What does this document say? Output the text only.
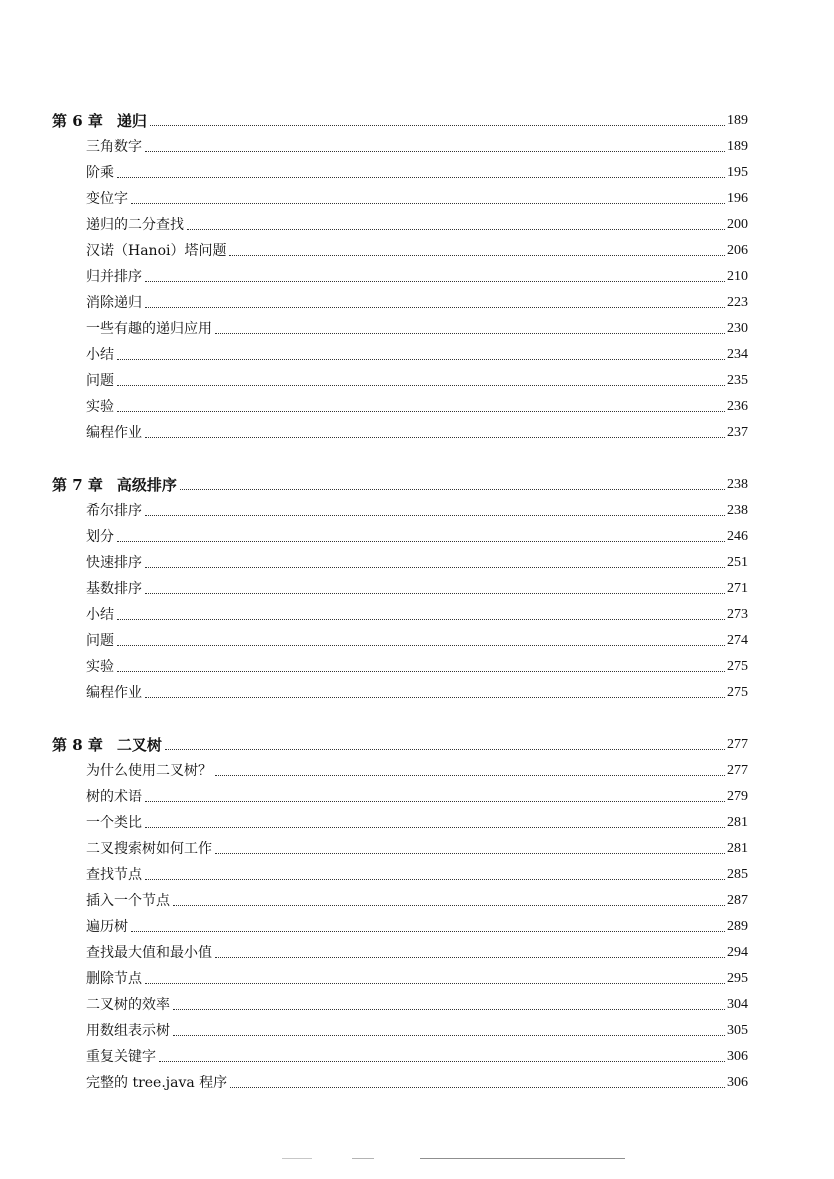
第 6 章 递归	189
三角数字	189
阶乘	195
变位字	196
递归的二分查找	200
汉诺（Hanoi）塔问题	206
归并排序	210
消除递归	223
一些有趣的递归应用	230
小结	234
问题	235
实验	236
编程作业	237
第 7 章 高级排序	238
希尔排序	238
划分	246
快速排序	251
基数排序	271
小结	273
问题	274
实验	275
编程作业	275
第 8 章 二叉树	277
为什么使用二叉树？	277
树的术语	279
一个类比	281
二叉搜索树如何工作	281
查找节点	285
插入一个节点	287
遍历树	289
查找最大值和最小值	294
删除节点	295
二叉树的效率	304
用数组表示树	305
重复关键字	306
完整的 tree.java 程序	306
